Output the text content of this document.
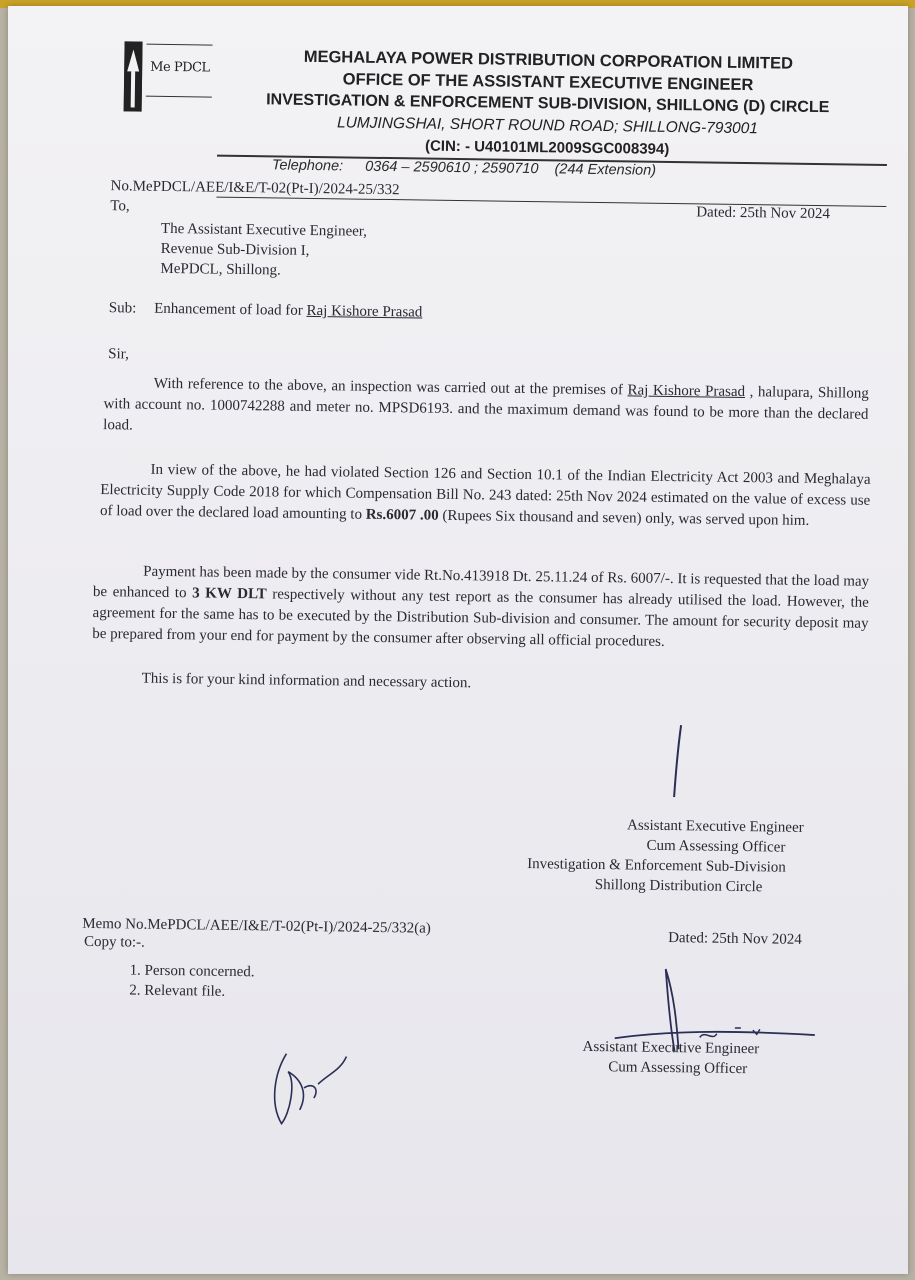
Me PDCL	MEGHALAYA POWER DISTRIBUTION CORPORATION LIMITED
OFFICE OF THE ASSISTANT EXECUTIVE ENGINEER
INVESTIGATION & ENFORCEMENT SUB-DIVISION, SHILLONG (D) CIRCLE
LUMJINGSHAI, SHORT ROUND ROAD; SHILLONG-793001
(CIN: - U40101ML2009SGC008394)
Telephone: 0364 – 2590610 ; 2590710 (244 Extension)
No.MePDCL/AEE/I&E/T-02(Pt-I)/2024-25/332
To,	Dated: 25th Nov 2024
The Assistant Executive Engineer,
Revenue Sub-Division I,
MePDCL, Shillong.
Sub: Enhancement of load for Raj Kishore Prasad
Sir,
With reference to the above, an inspection was carried out at the premises of Raj Kishore Prasad , halupara, Shillong with account no. 1000742288 and meter no. MPSD6193. and the maximum demand was found to be more than the declared load.
In view of the above, he had violated Section 126 and Section 10.1 of the Indian Electricity Act 2003 and Meghalaya Electricity Supply Code 2018 for which Compensation Bill No. 243 dated: 25th Nov 2024 estimated on the value of excess use of load over the declared load amounting to Rs.6007 .00 (Rupees Six thousand and seven) only, was served upon him.
Payment has been made by the consumer vide Rt.No.413918 Dt. 25.11.24 of Rs. 6007/-. It is requested that the load may be enhanced to 3 KW DLT respectively without any test report as the consumer has already utilised the load. However, the agreement for the same has to be executed by the Distribution Sub-division and consumer. The amount for security deposit may be prepared from your end for payment by the consumer after observing all official procedures.
This is for your kind information and necessary action.
Assistant Executive Engineer
Cum Assessing Officer
Investigation & Enforcement Sub-Division
Shillong Distribution Circle
Memo No.MePDCL/AEE/I&E/T-02(Pt-I)/2024-25/332(a)
Dated: 25th Nov 2024
Copy to:-.
1. Person concerned.
2. Relevant file.
Assistant Executive Engineer
Cum Assessing Officer
